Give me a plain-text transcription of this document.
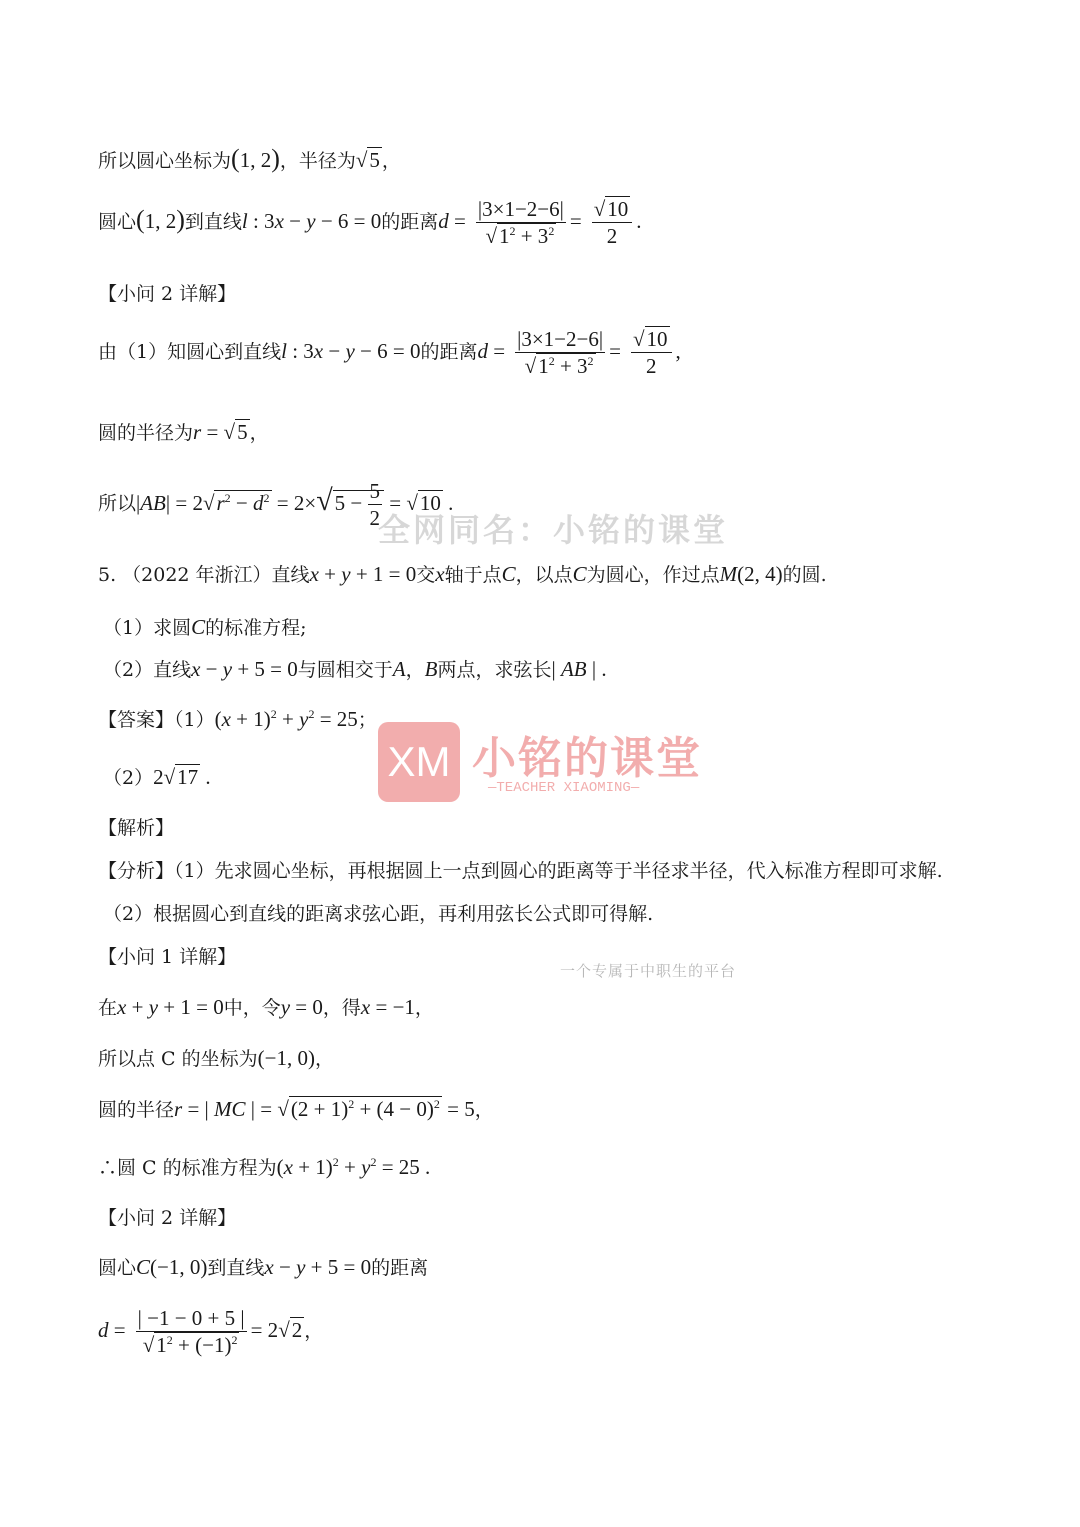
所以圆心坐标为(1, 2)，半径为√ 5 ，
圆心(1, 2)到直线l : 3x − y − 6 = 0的距离d = |3×1−2−6|
√ $1^2 + 3^2$ =
√ $\frac{10}{2}$ .
【小问 2 详解】
由（1）知圆心到直线l : 3x − y − 6 = 0的距离d = |3×1−2−6|
√ $1^2 + 3^2$ =
√ $\frac{10}{2}$ ,
圆的半径为r = √ 5 ，
所以|AB| = 2√ $r^2 - d^2 = 2\times√$ $5 - \frac{5}{2}$ = √ 10 .
5. （2022 年浙江）直线x + y + 1 = 0交x轴于点C，以点C为圆心，作过点M(2, 4)的圆.
（1）求圆C的标准方程;
（2）直线x − y + 5 = 0与圆相交于A，B两点，求弦长| AB | .
【答案】$(1)(x + 1)^2 + y^2 = 25$；
（2）2√ 17 .
【解析】
【分析】（1）先求圆心坐标，再根据圆上一点到圆心的距离等于半径求半径，代入标准方程即可求解.
（2）根据圆心到直线的距离求弦心距，再利用弦长公式即可得解.
【小问 1 详解】
在x + y + 1 = 0中，令y = 0，得x = −1，
所以点 C 的坐标为(−1, 0)，
圆的半径r = | MC | = √ $(2 + 1)^2 + (4 - 0)^2 = 5$，
∴圆 C 的标准方程为$(x + 1)^2 + y^2 = 25$ .
【小问 2 详解】
圆心C(−1, 0)到直线x − y + 5 = 0的距离
d = | −1 − 0 + 5 |
√ $1^2 + (-1)^2 = 2√$ 2 ，
全网同名：小铭的课堂
XM 小铭的课堂
—TEACHER XIAOMING—
一个专属于中职生的平台
